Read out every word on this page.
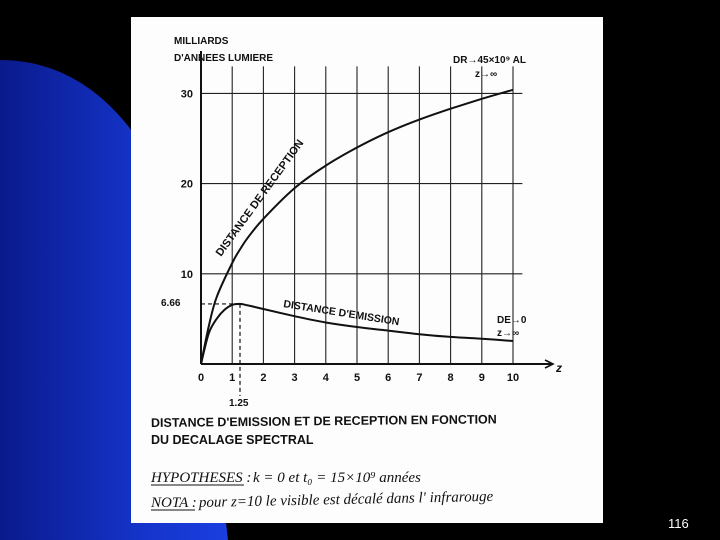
MILLIARDS
D'ANNEES LUMIERE
z
0 1 2 3 4 5 6 7 8 9 10
10
20
30
6.66
1.25
DISTANCE DE RECEPTION
DISTANCE D'EMISSION
DR→45×10⁹ AL
z→∞
DE→0
z→∞
DISTANCE D'EMISSION ET DE RECEPTION EN FONCTION
DU DECALAGE SPECTRAL
HYPOTHESES : k = 0 et t₀ = 15×10⁹ années
NOTA : pour z=10 le visible est décalé dans l' infrarouge
116
